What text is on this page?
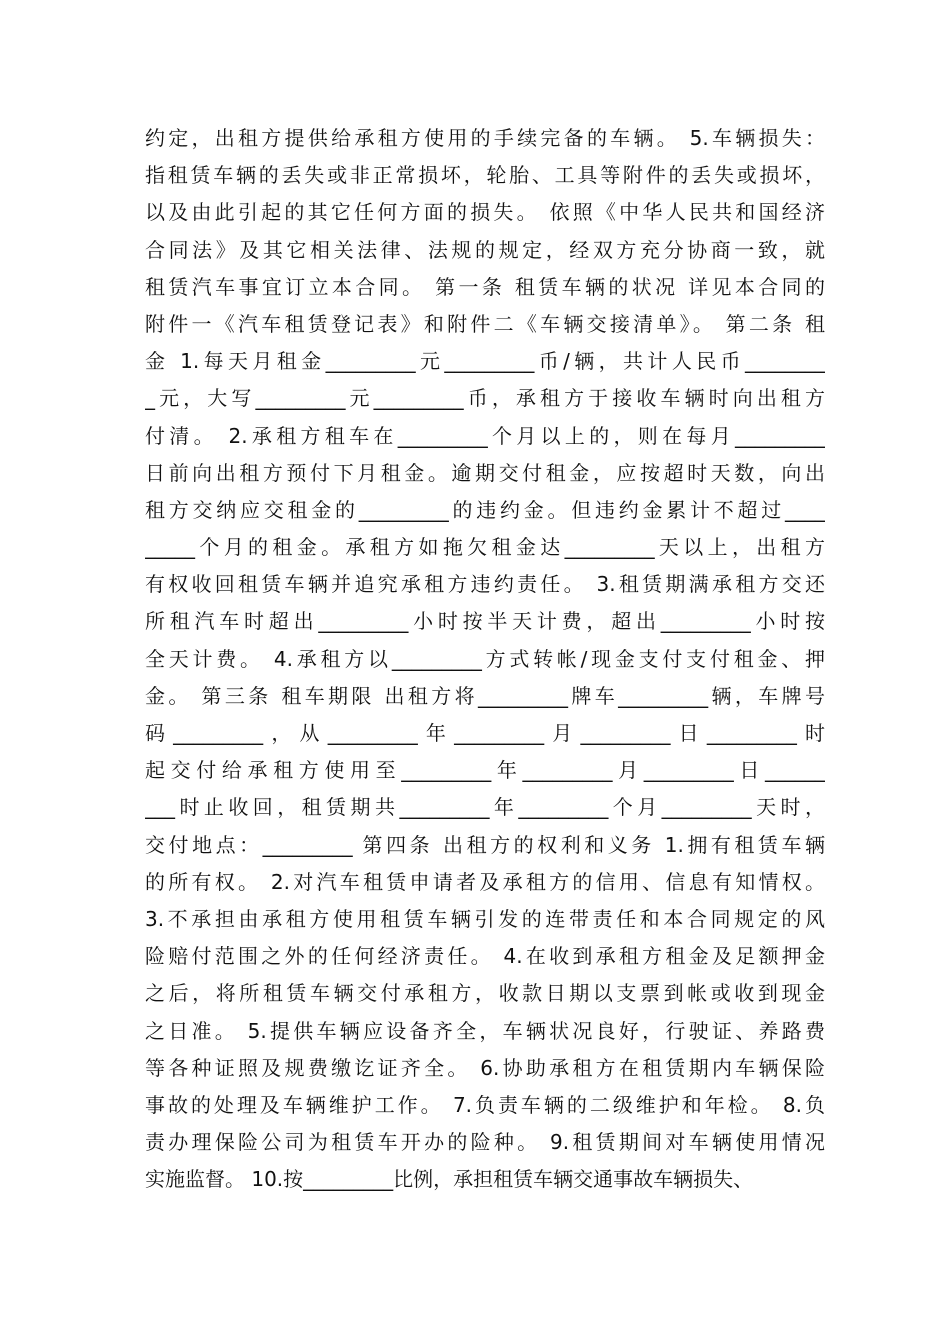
约定，出租方提供给承租方使用的手续完备的车辆。 5.车辆损失：
指租赁车辆的丢失或非正常损坏，轮胎、工具等附件的丢失或损坏，
以及由此引起的其它任何方面的损失。 依照《中华人民共和国经济
合同法》及其它相关法律、法规的规定，经双方充分协商一致，就
租赁汽车事宜订立本合同。 第一条 租赁车辆的状况 详见本合同的
附件一《汽车租赁登记表》和附件二《车辆交接清单》。 第二条 租
金 1.每天月租金_________元_________币/辆，共计人民币________
_元，大写_________元_________币，承租方于接收车辆时向出租方
付清。 2.承租方租车在_________个月以上的，则在每月_________
日前向出租方预付下月租金。逾期交付租金，应按超时天数，向出
租方交纳应交租金的_________的违约金。但违约金累计不超过____
_____个月的租金。承租方如拖欠租金达_________天以上，出租方
有权收回租赁车辆并追究承租方违约责任。 3.租赁期满承租方交还
所租汽车时超出_________小时按半天计费，超出_________小时按
全天计费。 4.承租方以_________方式转帐/现金支付支付租金、押
金。 第三条 租车期限 出租方将_________牌车_________辆，车牌号
码_________，从_________年_________月_________日_________时
起交付给承租方使用至_________年_________月_________日______
___时止收回，租赁期共_________年_________个月_________天时，
交付地点：_________ 第四条 出租方的权利和义务 1.拥有租赁车辆
的所有权。 2.对汽车租赁申请者及承租方的信用、信息有知情权。
3.不承担由承租方使用租赁车辆引发的连带责任和本合同规定的风
险赔付范围之外的任何经济责任。 4.在收到承租方租金及足额押金
之后，将所租赁车辆交付承租方，收款日期以支票到帐或收到现金
之日准。 5.提供车辆应设备齐全，车辆状况良好，行驶证、养路费
等各种证照及规费缴讫证齐全。 6.协助承租方在租赁期内车辆保险
事故的处理及车辆维护工作。 7.负责车辆的二级维护和年检。 8.负
责办理保险公司为租赁车开办的险种。 9.租赁期间对车辆使用情况
实施监督。 10.按_________比例，承担租赁车辆交通事故车辆损失、
